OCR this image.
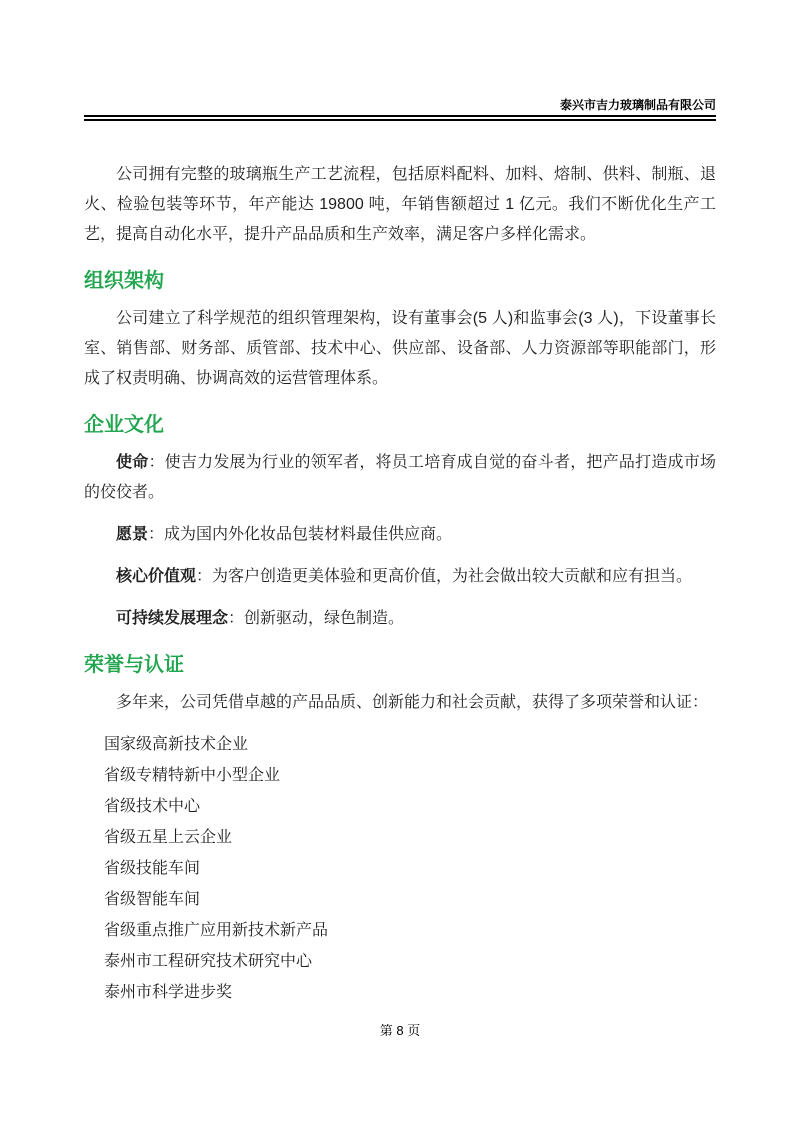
泰兴市吉力玻璃制品有限公司

公司拥有完整的玻璃瓶生产工艺流程，包括原料配料、加料、熔制、供料、制瓶、退火、检验包装等环节，年产能达 19800 吨，年销售额超过 1 亿元。我们不断优化生产工艺，提高自动化水平，提升产品品质和生产效率，满足客户多样化需求。

组织架构

公司建立了科学规范的组织管理架构，设有董事会(5 人)和监事会(3 人)，下设董事长室、销售部、财务部、质管部、技术中心、供应部、设备部、人力资源部等职能部门，形成了权责明确、协调高效的运营管理体系。

企业文化

使命：使吉力发展为行业的领军者，将员工培育成自觉的奋斗者，把产品打造成市场的佼佼者。

愿景：成为国内外化妆品包装材料最佳供应商。

核心价值观：为客户创造更美体验和更高价值，为社会做出较大贡献和应有担当。

可持续发展理念：创新驱动，绿色制造。

荣誉与认证

多年来，公司凭借卓越的产品品质、创新能力和社会贡献，获得了多项荣誉和认证：

国家级高新技术企业
省级专精特新中小型企业
省级技术中心
省级五星上云企业
省级技能车间
省级智能车间
省级重点推广应用新技术新产品
泰州市工程研究技术研究中心
泰州市科学进步奖
第 8 页
